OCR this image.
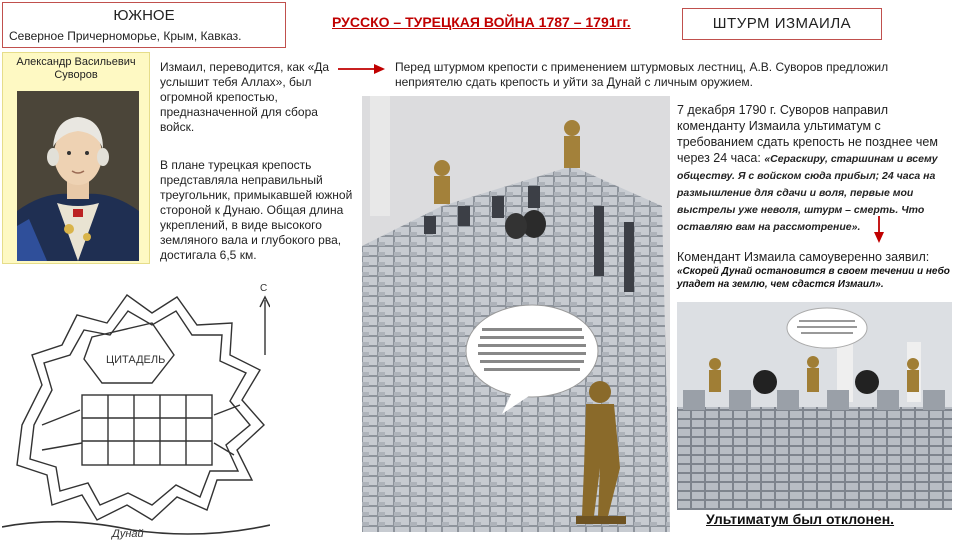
ЮЖНОЕ
Северное Причерноморье, Крым, Кавказ.
РУССКО – ТУРЕЦКАЯ ВОЙНА 1787 – 1791гг.	ШТУРМ ИЗМАИЛА
Александр Васильевич
Суворов
Измаил, переводится, как «Да услышит тебя Аллах», был огромной крепостью, предназначенной для сбора войск.
В плане турецкая крепость представляла неправильный треугольник, примыкавшей южной стороной к Дунаю. Общая длина укреплений, в виде высокого земляного вала и глубокого рва, достигала 6,5 км.
Перед штурмом крепости с применением штурмовых лестниц, А.В. Суворов предложил неприятелю сдать крепость и уйти за Дунай с личным оружием.
7 декабря 1790 г. Суворов направил коменданту Измаила ультиматум с требованием сдать крепость не позднее чем через 24 часа: «Сераскиру, старшинам и всему обществу. Я с войском сюда прибыл; 24 часа на размышление для сдачи и воля, первые мои выстрелы уже неволя, штурм – смерть. Что оставляю вам на рассмотрение».
Комендант Измаила самоуверенно заявил:
«Скорей Дунай остановится в своем течении и небо упадет на землю, чем сдастся Измаил».
ЦИТАДЕЛЬ
Дунай
С
Ультиматум был отклонен.
